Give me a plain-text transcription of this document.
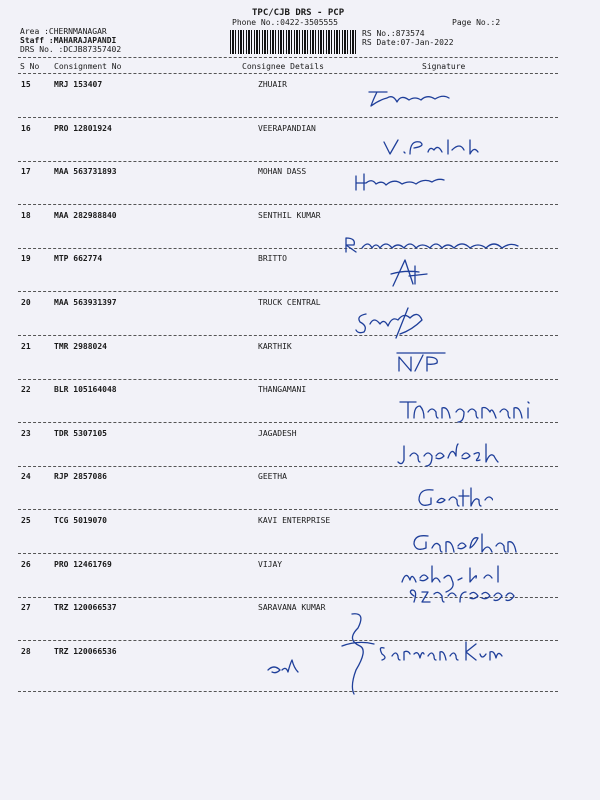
TPC/CJB DRS - PCP
Phone No.:0422-3505555	Page No.:2
Area :CHERNMANAGAR
Staff :MAHARAJAPANDI
DRS No. :DCJB87357402
RS No.:873574
RS Date:07-Jan-2022
S No Consignment No	Consignee Details	Signature
15	MRJ 153407	ZHUAIR
16	PRO 12801924	VEERAPANDIAN
17	MAA 563731893	MOHAN DASS
18	MAA 282988840	SENTHIL KUMAR
19	MTP 662774	BRITTO
20	MAA 563931397	TRUCK CENTRAL
21	TMR 2988024	KARTHIK
22	BLR 105164048	THANGAMANI
23	TDR 5307105	JAGADESH
24	RJP 2857086	GEETHA
25	TCG 5019070	KAVI ENTERPRISE
26	PRO 12461769	VIJAY
27	TRZ 120066537	SARAVANA KUMAR
28	TRZ 120066536
